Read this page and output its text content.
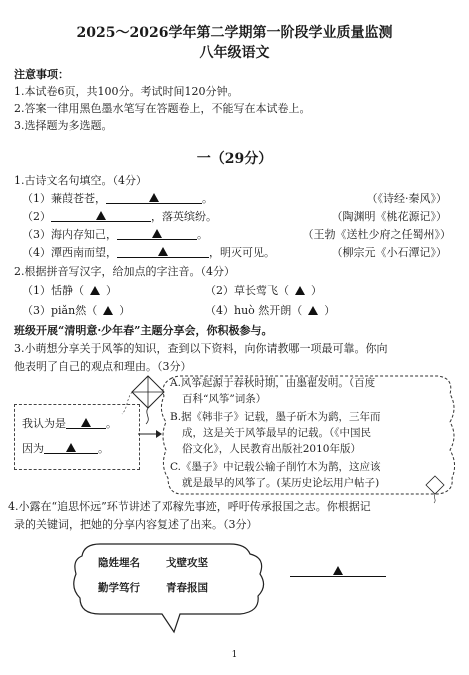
2025～2026学年第二学期第一阶段学业质量监测
八年级语文
注意事项：
1.本试卷6页，共100分。考试时间120分钟。
2.答案一律用黑色墨水笔写在答题卷上，不能写在本试卷上。
3.选择题为多选题。
一（29分）
1.古诗文名句填空。（4分）
（1）蒹葭苍苍，	。	（《诗经·秦风》）
（2）	，落英缤纷。	（陶渊明《桃花源记》）
（3）海内存知己，	。	（王勃《送杜少府之任蜀州》）
（4）潭西南而望，	，明灭可见。	（柳宗元《小石潭记》）
2.根据拼音写汉字，给加点的字注音。（4分）
（1）恬静（ ）	（2）草长莺飞（ ）
（3）piǎn然（ ）	（4）huò 然开朗（ ）
班级开展“清明意·少年春”主题分享会，你积极参与。
3.小萌想分享关于风筝的知识，查到以下资料，向你请教哪一项最可靠。你向
他表明了自己的观点和理由。（3分）
我认为是	。
因为	。
A.风筝起源于春秋时期，由墨翟发明。（百度
百科“风筝”词条）
B.据《韩非子》记载，墨子斫木为鹞，三年而
成，这是关于风筝最早的记载。（《中国民
俗文化》，人民教育出版社2010年版）
C.《墨子》中记载公输子削竹木为鹊，这应该
就是最早的风筝了。(某历史论坛用户帖子)
4.小露在“追思怀远”环节讲述了邓稼先事迹，呼吁传承报国之志。你根据记
录的关键词，把她的分享内容复述了出来。（3分）
隐姓埋名 戈壁攻坚
勤学笃行 青春报国
1
